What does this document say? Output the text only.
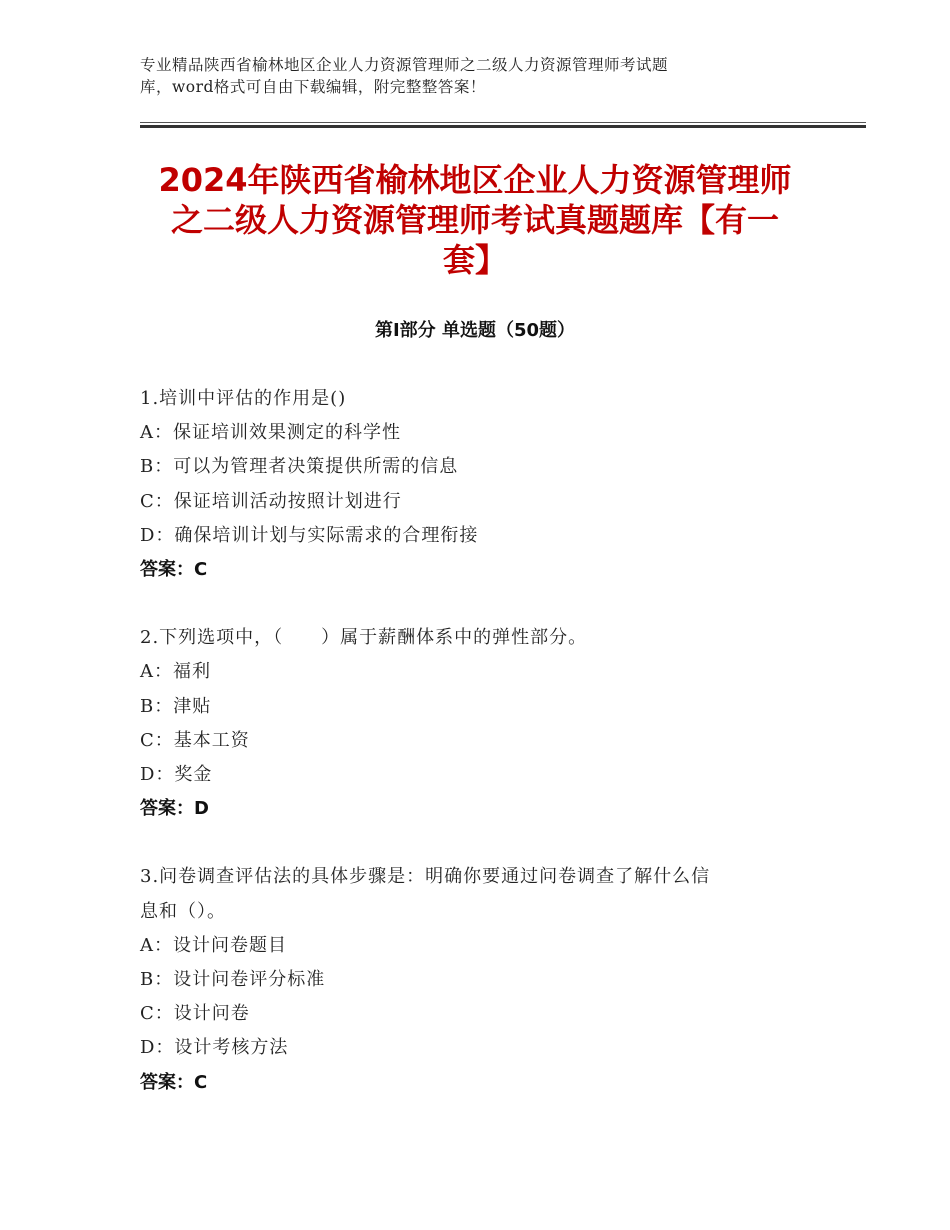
专业精品陕西省榆林地区企业人力资源管理师之二级人力资源管理师考试题
库，word格式可自由下载编辑，附完整整答案！
2024年陕西省榆林地区企业人力资源管理师
之二级人力资源管理师考试真题题库【有一
套】
第Ⅰ部分 单选题（50题）
1.培训中评估的作用是()
A：保证培训效果测定的科学性
B：可以为管理者决策提供所需的信息
C：保证培训活动按照计划进行
D：确保培训计划与实际需求的合理衔接
答案：C
2.下列选项中，（　　）属于薪酬体系中的弹性部分。
A：福利
B：津贴
C：基本工资
D：奖金
答案：D
3.问卷调查评估法的具体步骤是：明确你要通过问卷调查了解什么信
息和（）。
A：设计问卷题目
B：设计问卷评分标准
C：设计问卷
D：设计考核方法
答案：C
